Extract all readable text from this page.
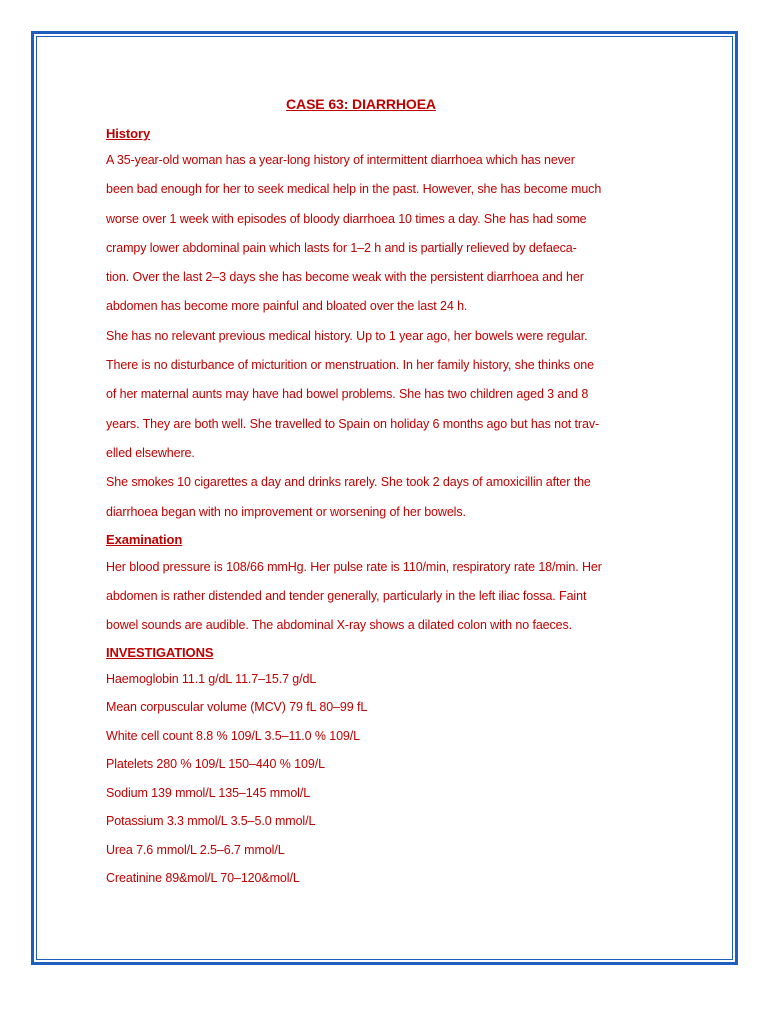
CASE 63: DIARRHOEA
History
A 35-year-old woman has a year-long history of intermittent diarrhoea which has never
been bad enough for her to seek medical help in the past. However, she has become much
worse over 1 week with episodes of bloody diarrhoea 10 times a day. She has had some
crampy lower abdominal pain which lasts for 1–2 h and is partially relieved by defaeca-
tion. Over the last 2–3 days she has become weak with the persistent diarrhoea and her
abdomen has become more painful and bloated over the last 24 h.
She has no relevant previous medical history. Up to 1 year ago, her bowels were regular.
There is no disturbance of micturition or menstruation. In her family history, she thinks one
of her maternal aunts may have had bowel problems. She has two children aged 3 and 8
years. They are both well. She travelled to Spain on holiday 6 months ago but has not trav-
elled elsewhere.
She smokes 10 cigarettes a day and drinks rarely. She took 2 days of amoxicillin after the
diarrhoea began with no improvement or worsening of her bowels.
Examination
Her blood pressure is 108/66 mmHg. Her pulse rate is 110/min, respiratory rate 18/min. Her
abdomen is rather distended and tender generally, particularly in the left iliac fossa. Faint
bowel sounds are audible. The abdominal X-ray shows a dilated colon with no faeces.
INVESTIGATIONS
Haemoglobin 11.1 g/dL 11.7–15.7 g/dL
Mean corpuscular volume (MCV) 79 fL 80–99 fL
White cell count 8.8 % 109/L 3.5–11.0 % 109/L
Platelets 280 % 109/L 150–440 % 109/L
Sodium 139 mmol/L 135–145 mmol/L
Potassium 3.3 mmol/L 3.5–5.0 mmol/L
Urea 7.6 mmol/L 2.5–6.7 mmol/L
Creatinine 89&mol/L 70–120&mol/L
